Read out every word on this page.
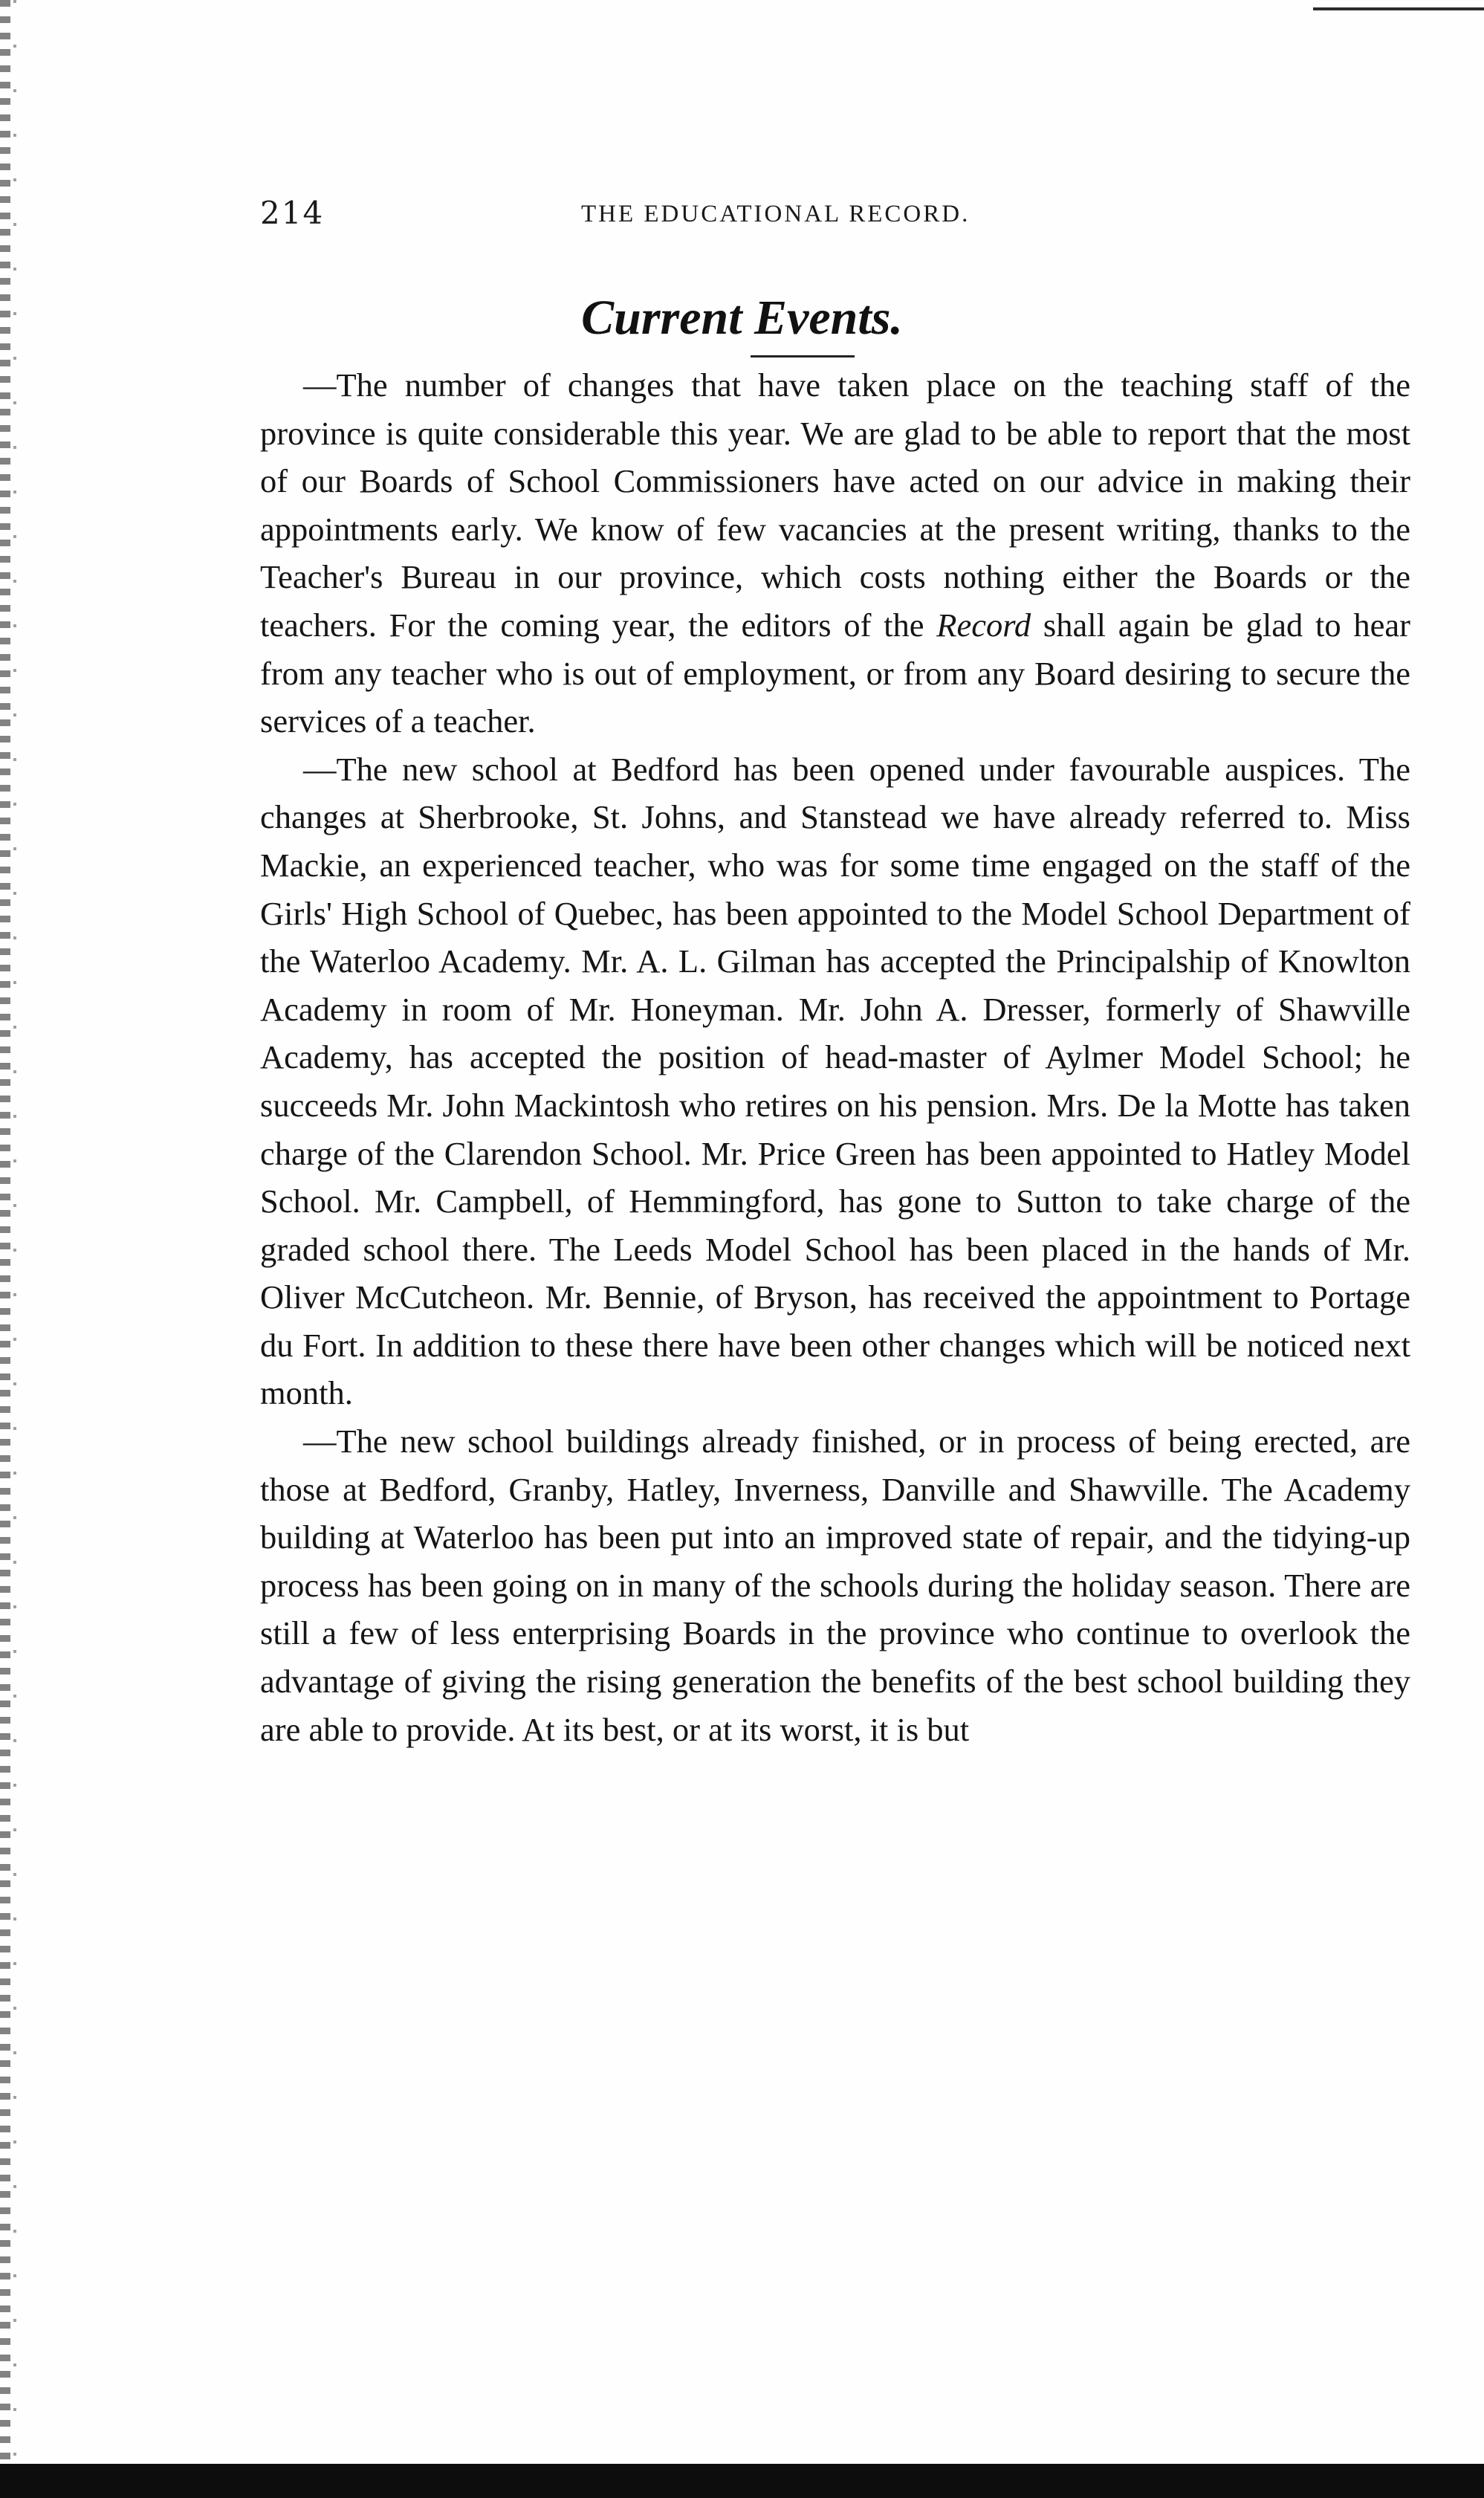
214	THE EDUCATIONAL RECORD.
Current Events.

—The number of changes that have taken place on the teaching staff of the province is quite considerable this year. We are glad to be able to report that the most of our Boards of School Commissioners have acted on our advice in making their appointments early. We know of few vacancies at the present writing, thanks to the Teacher's Bureau in our province, which costs nothing either the Boards or the teachers. For the coming year, the editors of the Record shall again be glad to hear from any teacher who is out of employment, or from any Board desiring to secure the services of a teacher.

—The new school at Bedford has been opened under favourable auspices. The changes at Sherbrooke, St. Johns, and Stanstead we have already referred to. Miss Mackie, an experienced teacher, who was for some time engaged on the staff of the Girls' High School of Quebec, has been appointed to the Model School Department of the Waterloo Academy. Mr. A. L. Gilman has accepted the Principalship of Knowlton Academy in room of Mr. Honeyman. Mr. John A. Dresser, formerly of Shawville Academy, has accepted the position of head-master of Aylmer Model School; he succeeds Mr. John Mackintosh who retires on his pension. Mrs. De la Motte has taken charge of the Clarendon School. Mr. Price Green has been appointed to Hatley Model School. Mr. Campbell, of Hemmingford, has gone to Sutton to take charge of the graded school there. The Leeds Model School has been placed in the hands of Mr. Oliver McCutcheon. Mr. Bennie, of Bryson, has received the appointment to Portage du Fort. In addition to these there have been other changes which will be noticed next month.

—The new school buildings already finished, or in process of being erected, are those at Bedford, Granby, Hatley, Inverness, Danville and Shawville. The Academy building at Waterloo has been put into an improved state of repair, and the tidying-up process has been going on in many of the schools during the holiday season. There are still a few of less enterprising Boards in the province who continue to overlook the advantage of giving the rising generation the benefits of the best school building they are able to provide. At its best, or at its worst, it is but
